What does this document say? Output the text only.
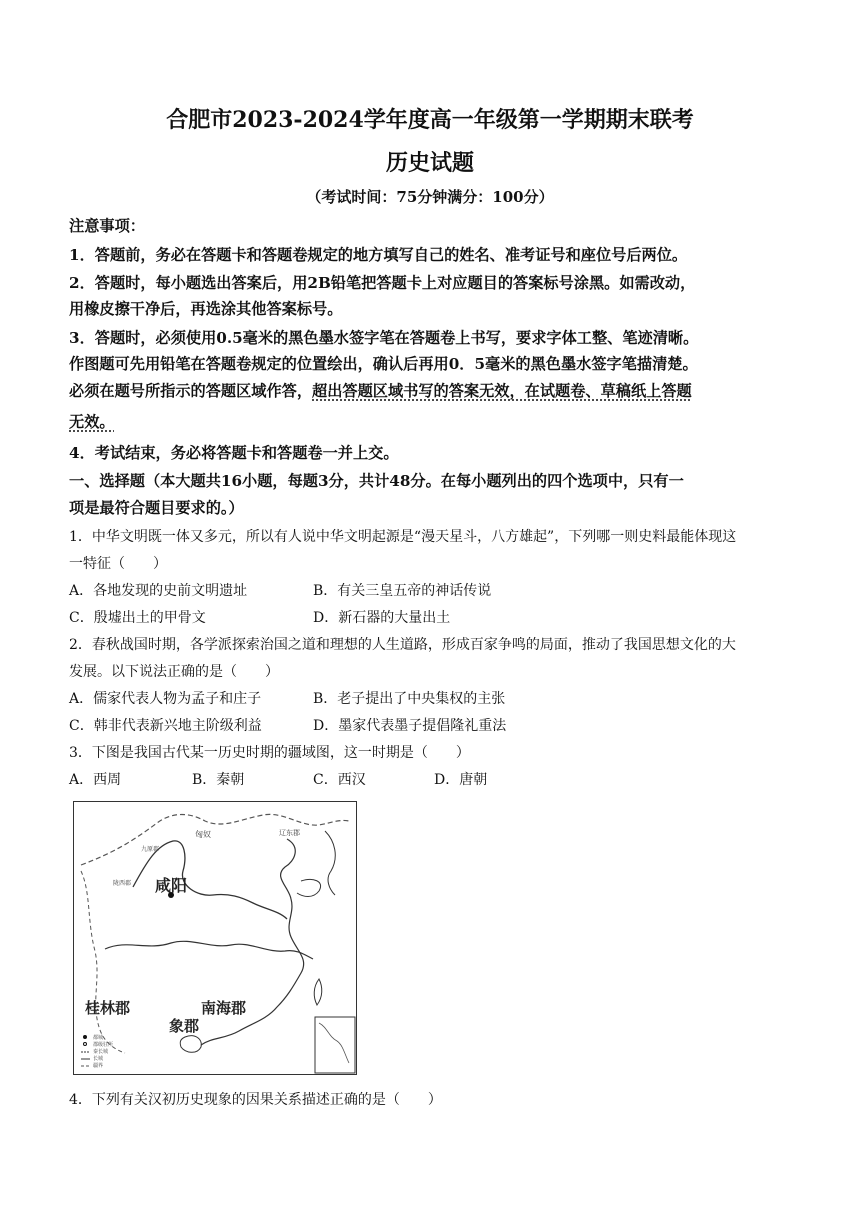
合肥市2023-2024学年度高一年级第一学期期末联考
历史试题
（考试时间：75分钟满分：100分）
注意事项：
1．答题前，务必在答题卡和答题卷规定的地方填写自己的姓名、准考证号和座位号后两位。
2．答题时，每小题选出答案后，用2B铅笔把答题卡上对应题目的答案标号涂黑。如需改动，
用橡皮擦干净后，再选涂其他答案标号。
3．答题时，必须使用0.5毫米的黑色墨水签字笔在答题卷上书写，要求字体工整、笔迹清晰。
作图题可先用铅笔在答题卷规定的位置绘出，确认后再用0．5毫米的黑色墨水签字笔描清楚。
必须在题号所指示的答题区域作答，超出答题区域书写的答案无效，在试题卷、草稿纸上答题
无效。
4．考试结束，务必将答题卡和答题卷一并上交。
一、选择题（本大题共16小题，每题3分，共计48分。在每小题列出的四个选项中，只有一
项是最符合题目要求的。）
1．中华文明既一体又多元，所以有人说中华文明起源是“漫天星斗，八方雄起”，下列哪一则史料最能体现这
一特征（　　）
A．各地发现的史前文明遗址	B．有关三皇五帝的神话传说
C．殷墟出土的甲骨文	D．新石器的大量出土
2．春秋战国时期，各学派探索治国之道和理想的人生道路，形成百家争鸣的局面，推动了我国思想文化的大
发展。以下说法正确的是（　　）
A．儒家代表人物为孟子和庄子	B．老子提出了中央集权的主张
C．韩非代表新兴地主阶级利益	D．墨家代表墨子提倡隆礼重法
3．下图是我国古代某一历史时期的疆域图，这一时期是（　　）
A．西周	B．秦朝	C．西汉	D．唐朝
咸阳
桂林郡	南海郡
象郡
匈奴	辽东郡
九原郡
陇西郡
都城
郡级驻所
秦长城
长城
疆界
4．下列有关汉初历史现象的因果关系描述正确的是（　　）
